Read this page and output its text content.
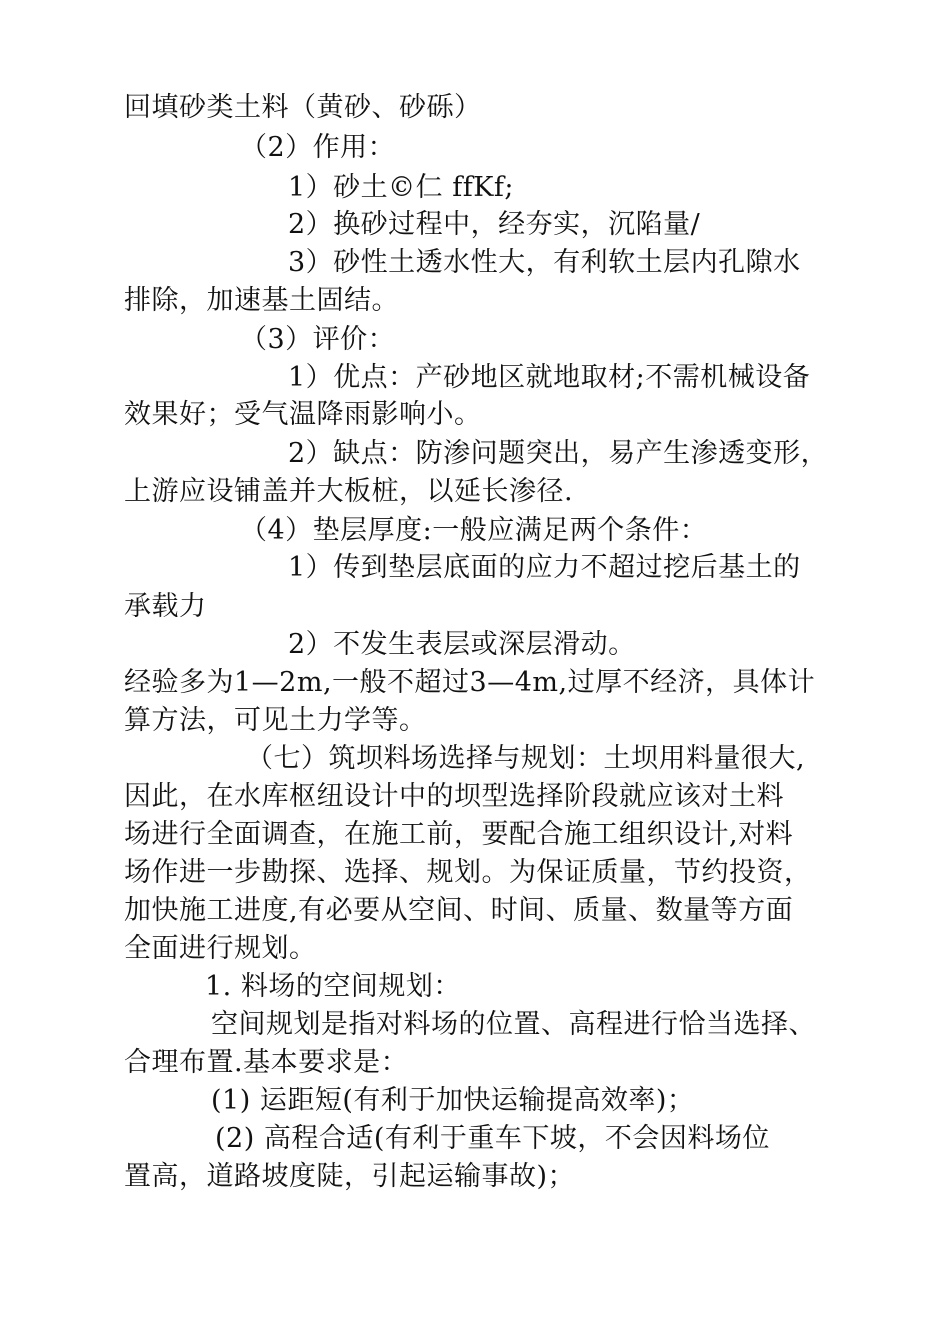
回填砂类土料（黄砂、砂砾）
（2）作用：
1）砂土©仁 ffKf;
2）换砂过程中，经夯实，沉陷量/
3）砂性土透水性大，有利软土层内孔隙水
排除，加速基土固结。
（3）评价：
1）优点：产砂地区就地取材;不需机械设备
效果好；受气温降雨影响小。
2）缺点：防渗问题突出，易产生渗透变形，
上游应设铺盖并大板桩，以延长渗径.
（4）垫层厚度:一般应满足两个条件：
1）传到垫层底面的应力不超过挖后基土的
承载力
2）不发生表层或深层滑动。
经验多为1—2m,一般不超过3—4m,过厚不经济，具体计
算方法，可见土力学等。
（七）筑坝料场选择与规划：土坝用料量很大,
因此，在水库枢纽设计中的坝型选择阶段就应该对土料
场进行全面调查，在施工前，要配合施工组织设计,对料
场作进一步勘探、选择、规划。为保证质量，节约投资，
加快施工进度,有必要从空间、时间、质量、数量等方面
全面进行规划。
1. 料场的空间规划：
空间规划是指对料场的位置、高程进行恰当选择、
合理布置.基本要求是：
(1) 运距短(有利于加快运输提高效率)；
(2) 高程合适(有利于重车下坡，不会因料场位
置高，道路坡度陡，引起运输事故)；
